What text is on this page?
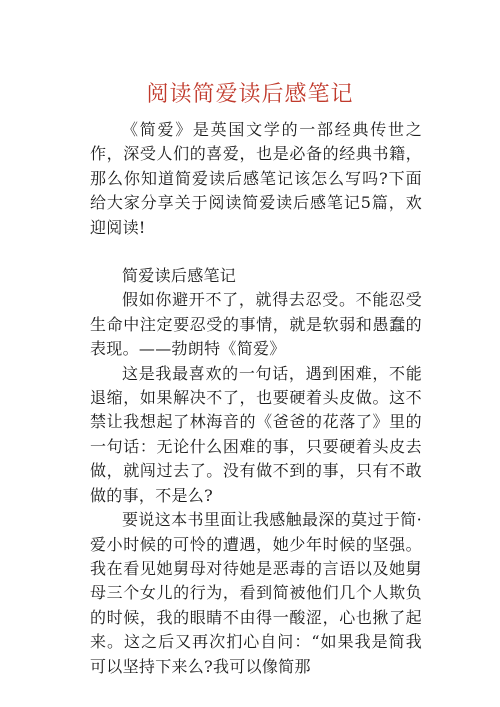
阅读简爱读后感笔记

《简爱》是英国文学的一部经典传世之作，深受人们的喜爱，也是必备的经典书籍，那么你知道简爱读后感笔记该怎么写吗?下面给大家分享关于阅读简爱读后感笔记5篇，欢迎阅读!

简爱读后感笔记

假如你避开不了，就得去忍受。不能忍受生命中注定要忍受的事情，就是软弱和愚蠢的表现。——勃朗特《简爱》

这是我最喜欢的一句话，遇到困难，不能退缩，如果解决不了，也要硬着头皮做。这不禁让我想起了林海音的《爸爸的花落了》里的一句话：无论什么困难的事，只要硬着头皮去做，就闯过去了。没有做不到的事，只有不敢做的事，不是么?

要说这本书里面让我感触最深的莫过于简·爱小时候的可怜的遭遇，她少年时候的坚强。我在看见她舅母对待她是恶毒的言语以及她舅母三个女儿的行为，看到简被他们几个人欺负的时候，我的眼睛不由得一酸涩，心也揪了起来。这之后又再次扪心自问：“如果我是简我可以坚持下来么?我可以像简那
